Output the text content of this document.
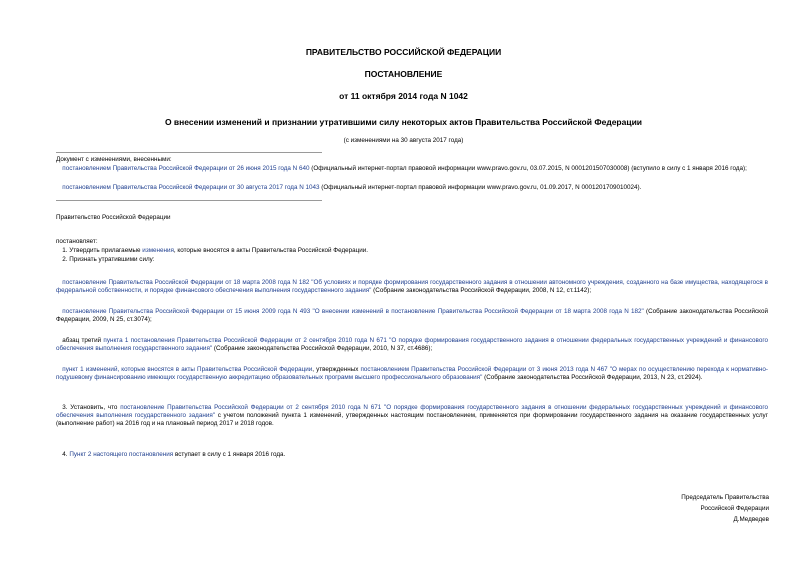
ПРАВИТЕЛЬСТВО РОССИЙСКОЙ ФЕДЕРАЦИИ
ПОСТАНОВЛЕНИЕ
от 11 октября 2014 года N 1042
О внесении изменений и признании утратившими силу некоторых актов Правительства Российской Федерации
(с изменениями на 30 августа 2017 года)
Документ с изменениями, внесенными:
 постановлением Правительства Российской Федерации от 26 июня 2015 года N 640 (Официальный интернет-портал правовой информации www.pravo.gov.ru, 03.07.2015, N 0001201507030008) (вступило в силу с 1 января 2016 года);
 постановлением Правительства Российской Федерации от 30 августа 2017 года N 1043 (Официальный интернет-портал правовой информации www.pravo.gov.ru, 01.09.2017, N 0001201709010024).
Правительство Российской Федерации
постановляет:
 1. Утвердить прилагаемые изменения, которые вносятся в акты Правительства Российской Федерации.
 2. Признать утратившими силу:
 постановление Правительства Российской Федерации от 18 марта 2008 года N 182 "Об условиях и порядке формирования государственного задания в отношении автономного учреждения, созданного на базе имущества, находящегося в федеральной собственности, и порядке финансового обеспечения выполнения государственного задания" (Собрание законодательства Российской Федерации, 2008, N 12, ст.1142);
 постановление Правительства Российской Федерации от 15 июня 2009 года N 493 "О внесении изменений в постановление Правительства Российской Федерации от 18 марта 2008 года N 182" (Собрание законодательства Российской Федерации, 2009, N 25, ст.3074);
 абзац третий пункта 1 постановления Правительства Российской Федерации от 2 сентября 2010 года N 671 "О порядке формирования государственного задания в отношении федеральных государственных учреждений и финансового обеспечения выполнения государственного задания" (Собрание законодательства Российской Федерации, 2010, N 37, ст.4686);
 пункт 1 изменений, которые вносятся в акты Правительства Российской Федерации, утвержденных постановлением Правительства Российской Федерации от 3 июня 2013 года N 467 "О мерах по осуществлению перехода к нормативно-подушевому финансированию имеющих государственную аккредитацию образовательных программ высшего профессионального образования" (Собрание законодательства Российской Федерации, 2013, N 23, ст.2924).
 3. Установить, что постановление Правительства Российской Федерации от 2 сентября 2010 года N 671 "О порядке формирования государственного задания в отношении федеральных государственных учреждений и финансового обеспечения выполнения государственного задания" с учетом положений пункта 1 изменений, утвержденных настоящим постановлением, применяется при формировании государственного задания на оказание государственных услуг (выполнение работ) на 2016 год и на плановый период 2017 и 2018 годов.
 4. Пункт 2 настоящего постановления вступает в силу с 1 января 2016 года.
Председатель Правительства
Российской Федерации
Д.Медведев
